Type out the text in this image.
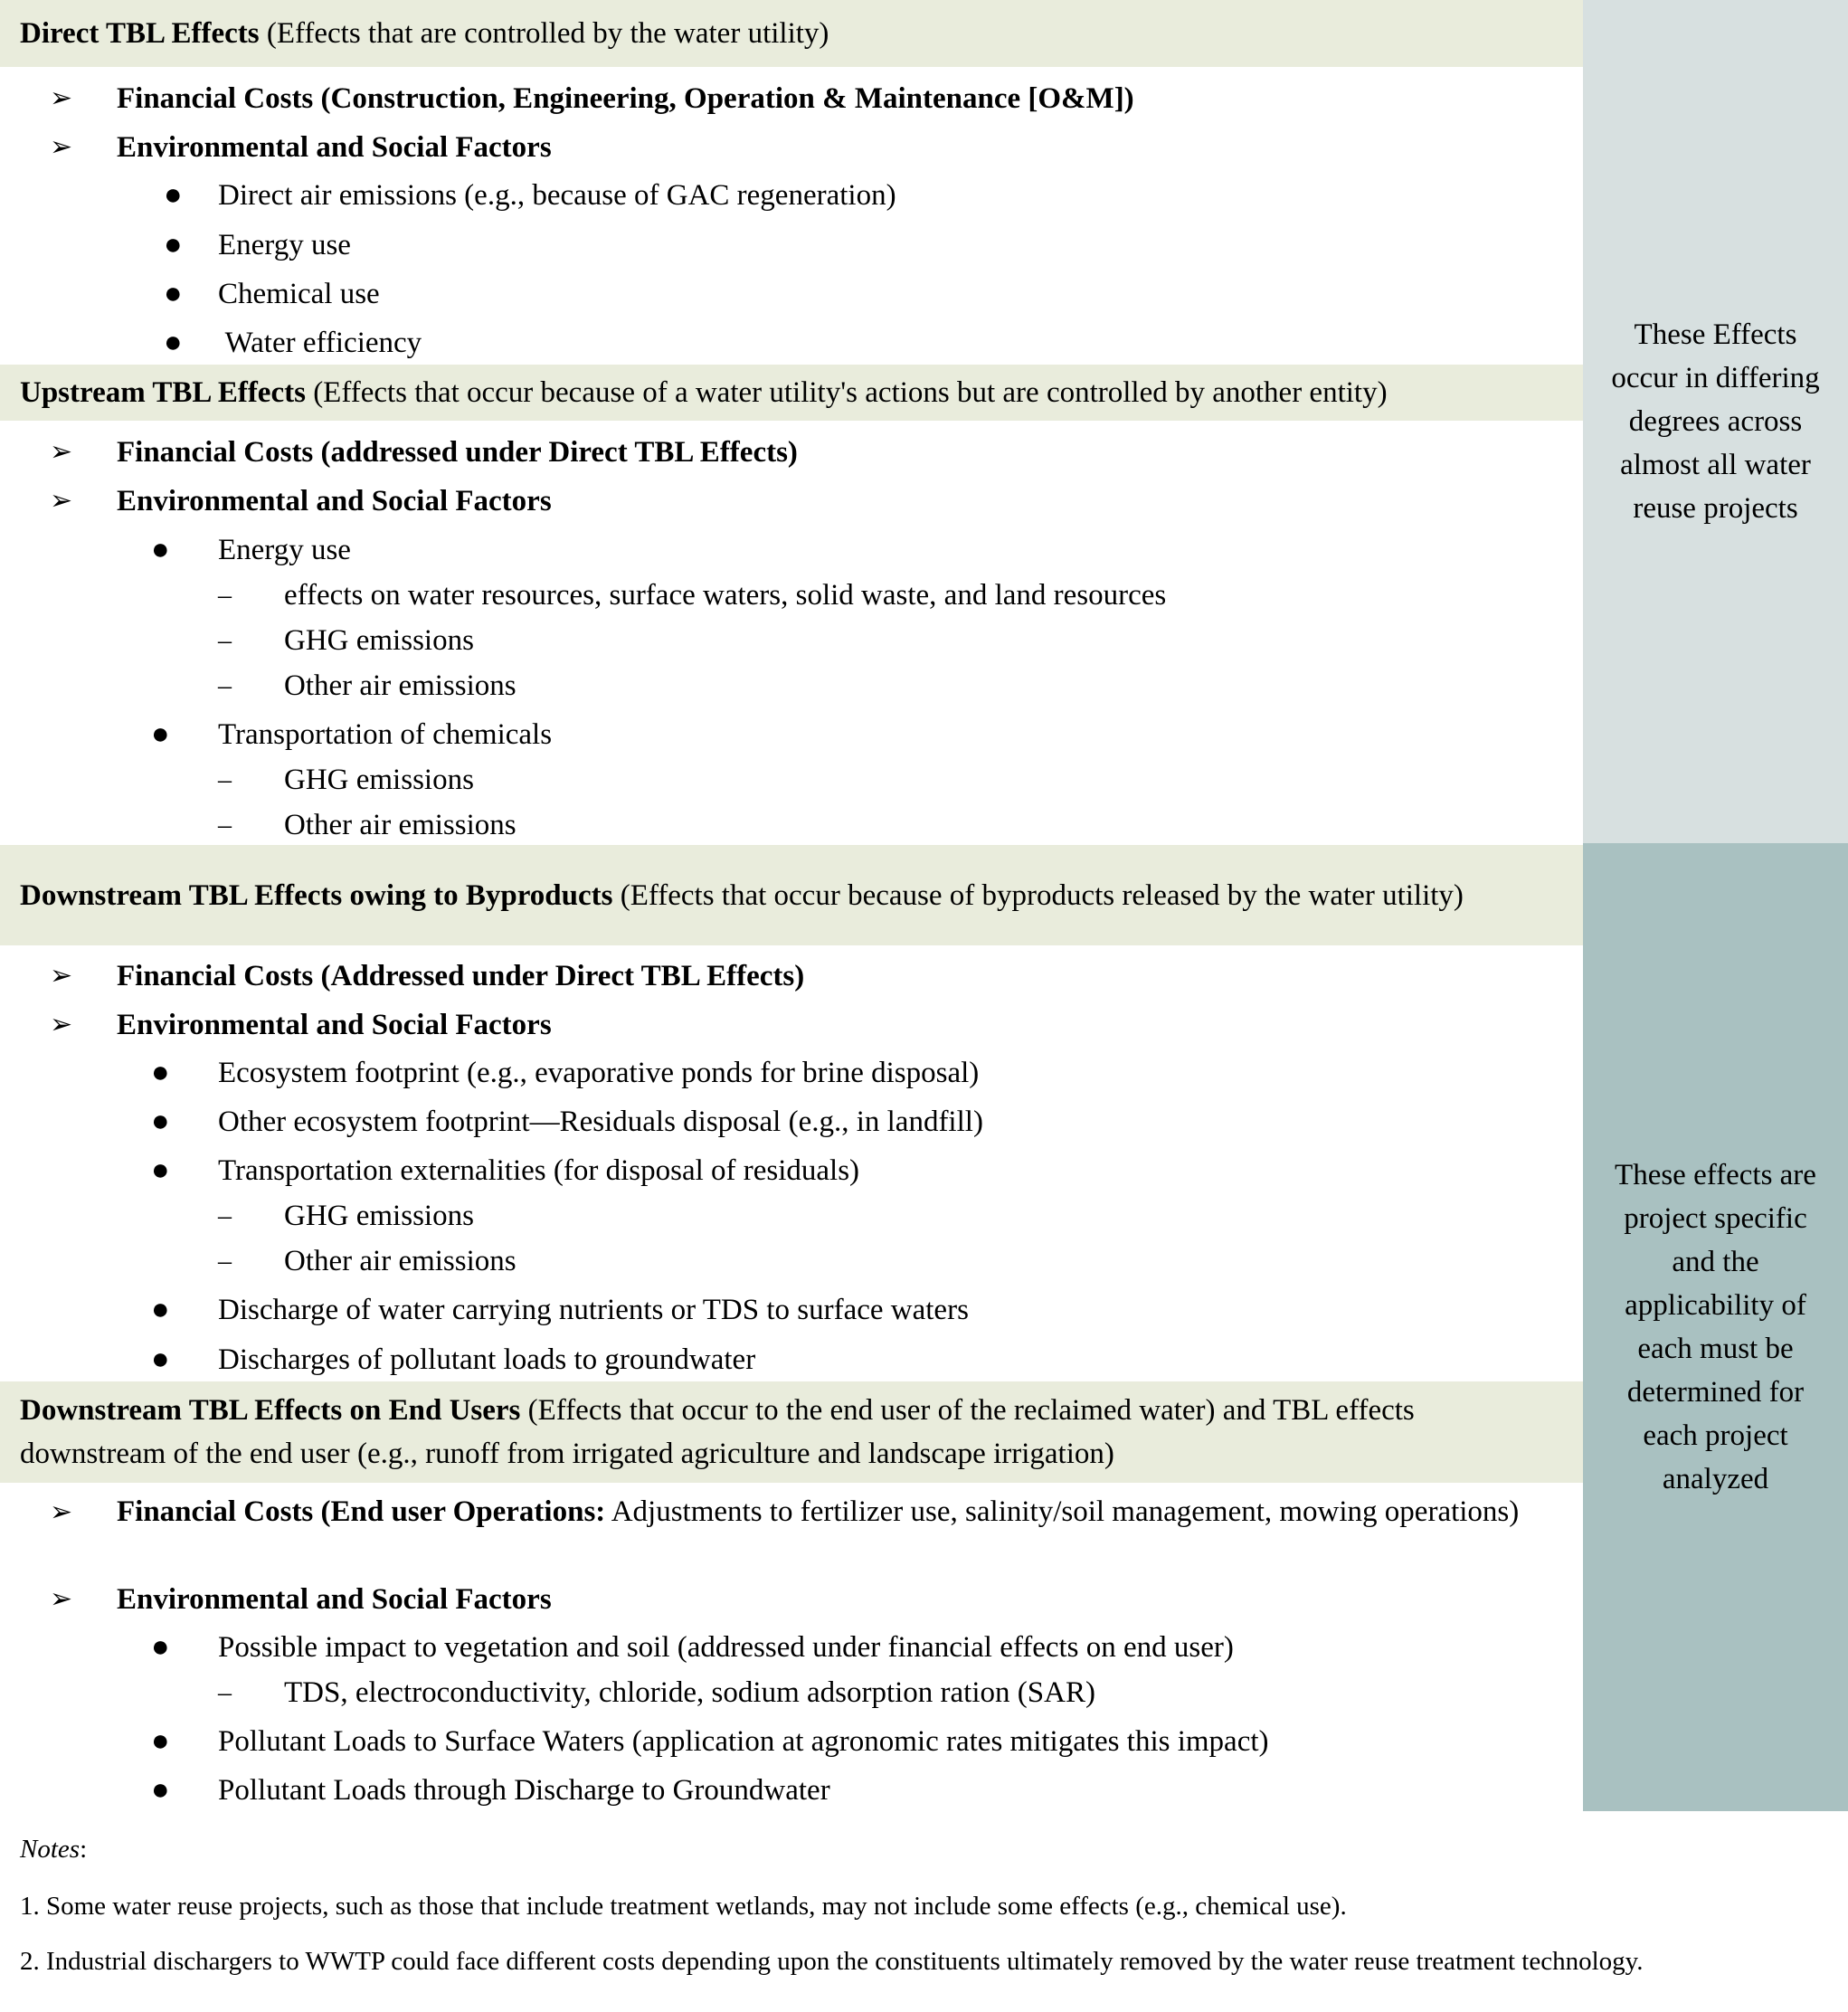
These Effects occur in differing degrees across almost all water reuse projects
These effects are project specific and the applicability of each must be determined for each project analyzed
Direct TBL Effects (Effects that are controlled by the water utility)
➢ Financial Costs (Construction, Engineering, Operation & Maintenance [O&M])
➢ Environmental and Social Factors
● Direct air emissions (e.g., because of GAC regeneration)
● Energy use
● Chemical use
● Water efficiency
Upstream TBL Effects (Effects that occur because of a water utility's actions but are controlled by another entity)
➢ Financial Costs (addressed under Direct TBL Effects)
➢ Environmental and Social Factors
● Energy use
– effects on water resources, surface waters, solid waste, and land resources
– GHG emissions
– Other air emissions
● Transportation of chemicals
– GHG emissions
– Other air emissions
Downstream TBL Effects owing to Byproducts (Effects that occur because of byproducts released by the water utility)
➢ Financial Costs (Addressed under Direct TBL Effects)
➢ Environmental and Social Factors
● Ecosystem footprint (e.g., evaporative ponds for brine disposal)
● Other ecosystem footprint—Residuals disposal (e.g., in landfill)
● Transportation externalities (for disposal of residuals)
– GHG emissions
– Other air emissions
● Discharge of water carrying nutrients or TDS to surface waters
● Discharges of pollutant loads to groundwater
Downstream TBL Effects on End Users (Effects that occur to the end user of the reclaimed water) and TBL effects downstream of the end user (e.g., runoff from irrigated agriculture and landscape irrigation)
➢ Financial Costs (End user Operations: Adjustments to fertilizer use, salinity/soil management, mowing operations)
➢ Environmental and Social Factors
● Possible impact to vegetation and soil (addressed under financial effects on end user)
– TDS, electroconductivity, chloride, sodium adsorption ration (SAR)
● Pollutant Loads to Surface Waters (application at agronomic rates mitigates this impact)
● Pollutant Loads through Discharge to Groundwater
Notes:
1. Some water reuse projects, such as those that include treatment wetlands, may not include some effects (e.g., chemical use).
2. Industrial dischargers to WWTP could face different costs depending upon the constituents ultimately removed by the water reuse treatment technology.
